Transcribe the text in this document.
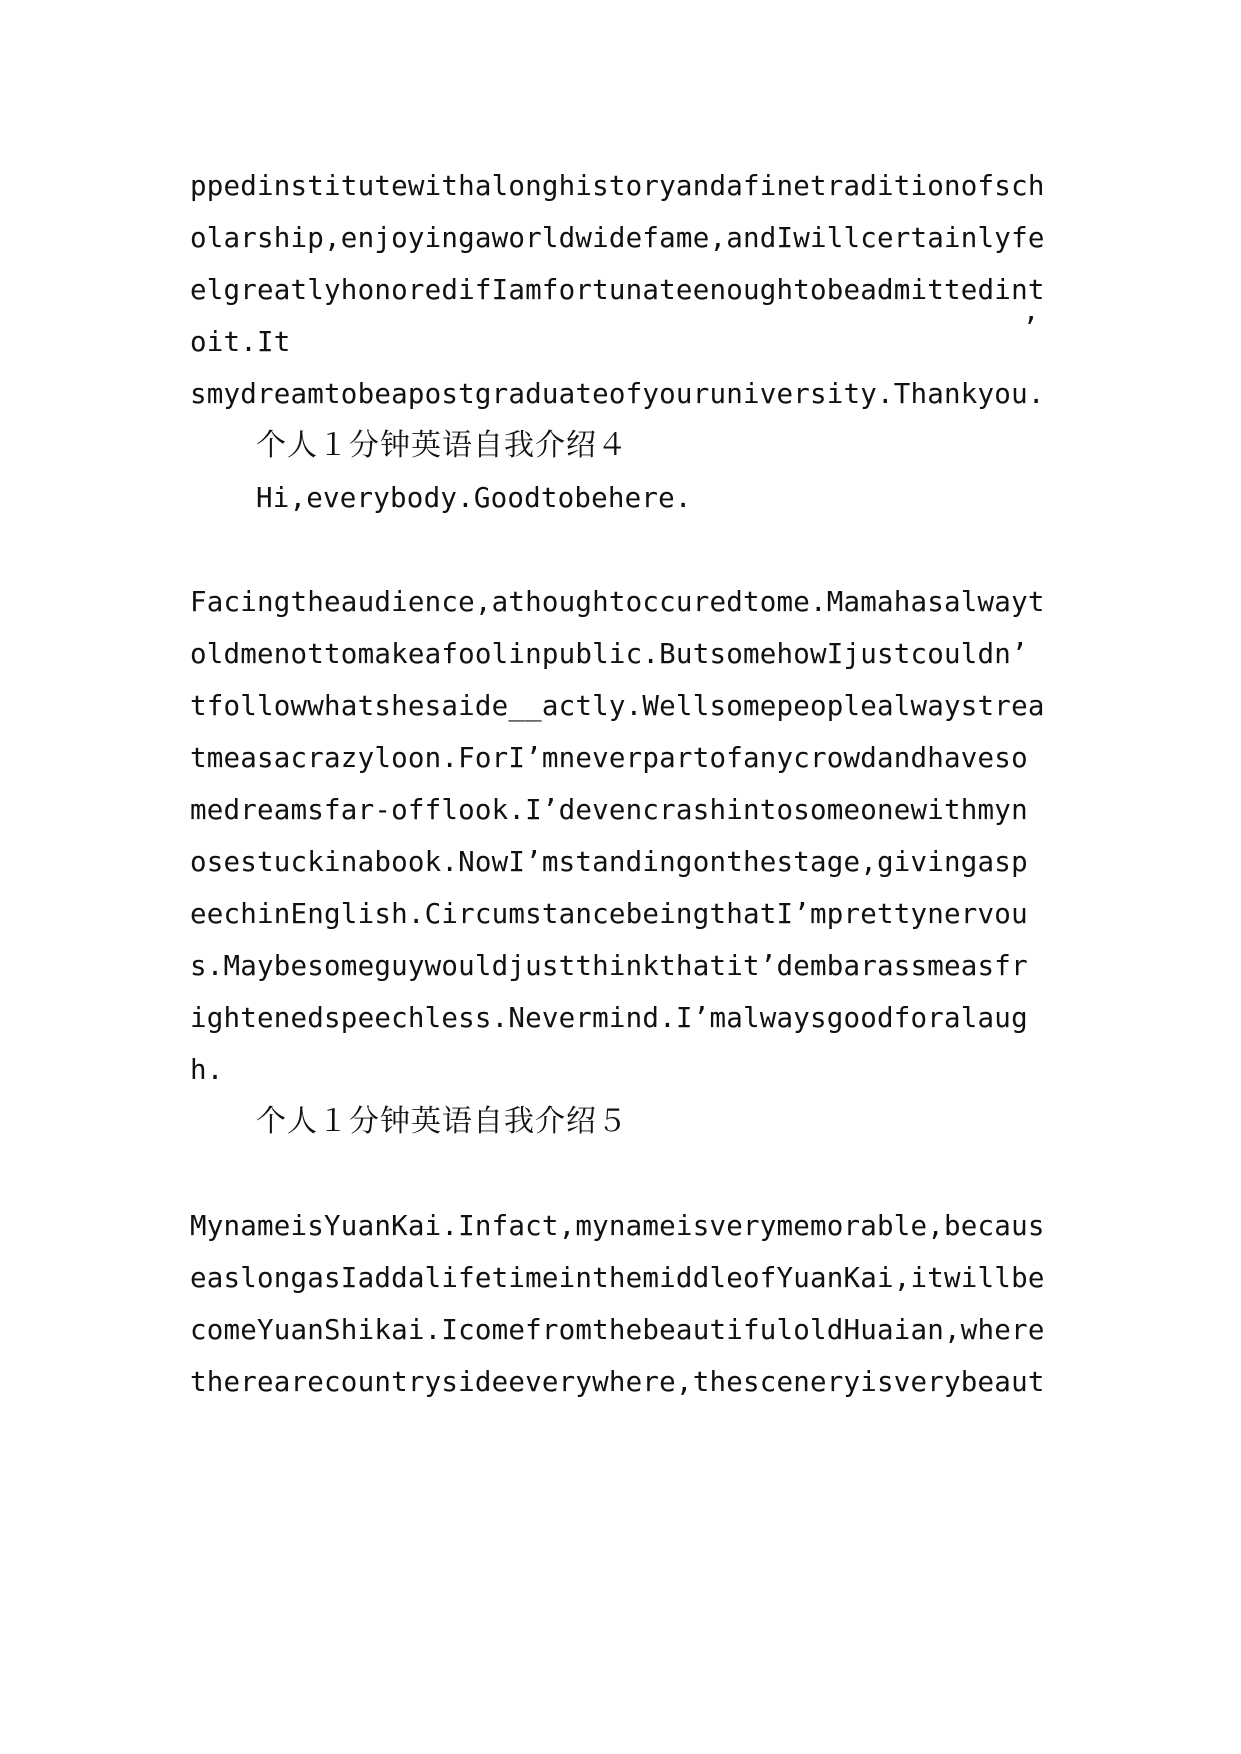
ppedinstitutewithalonghistoryandafinetraditionofsch
olarship,enjoyingaworldwidefame,andIwillcertainlyfe
elgreatlyhonoredifIamfortunateenoughtobeadmittedint
oit.It	’
smydreamtobeapostgraduateofyouruniversity.Thankyou.
个人１分钟英语自我介绍４
Hi,everybody.Goodtobehere.
Facingtheaudience,athoughtoccuredtome.Mamahasalwayt
oldmenottomakeafoolinpublic.ButsomehowIjustcouldn’
tfollowwhatshesaide__actly.Wellsomepeoplealwaystrea
tmeasacrazyloon.ForI’mneverpartofanycrowdandhaveso
medreamsfar-offlook.I’devencrashintosomeonewithmyn
osestuckinabook.NowI’mstandingonthestage,givingasp
eechinEnglish.CircumstancebeingthatI’mprettynervou
s.Maybesomeguywouldjustthinkthatit’dembarassmeasfr
ightenedspeechless.Nevermind.I’malwaysgoodforalaug
h.
个人１分钟英语自我介绍５
MynameisYuanKai.Infact,mynameisverymemorable,becaus
easlongasIaddalifetimeinthemiddleofYuanKai,itwillbe
comeYuanShikai.IcomefromthebeautifuloldHuaian,where
therearecountrysideeverywhere,thesceneryisverybeaut
